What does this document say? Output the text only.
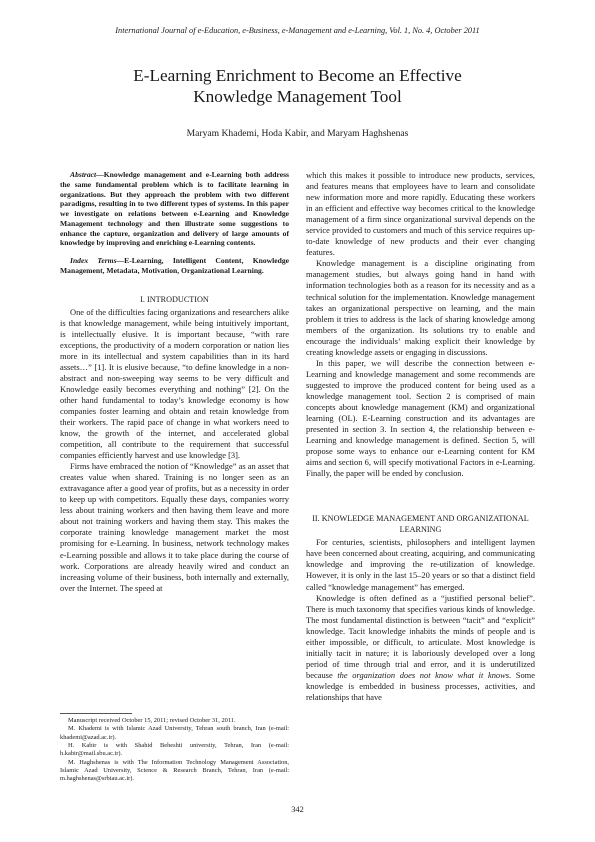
International Journal of e-Education, e-Business, e-Management and e-Learning, Vol. 1, No. 4, October 2011
E-Learning Enrichment to Become an Effective
Knowledge Management Tool
Maryam Khademi, Hoda Kabir, and Maryam Haghshenas

Abstract—Knowledge management and e-Learning both address the same fundamental problem which is to facilitate learning in organizations. But they approach the problem with two different paradigms, resulting in to two different types of systems. In this paper we investigate on relations between e-Learning and Knowledge Management technology and then illustrate some suggestions to enhance the capture, organization and delivery of large amounts of knowledge by improving and enriching e-Learning contents.

Index Terms—E-Learning, Intelligent Content, Knowledge Management, Metadata, Motivation, Organizational Learning.

I. INTRODUCTION

One of the difficulties facing organizations and researchers alike is that knowledge management, while being intuitively important, is intellectually elusive. It is important because, “with rare exceptions, the productivity of a modern corporation or nation lies more in its intellectual and system capabilities than in its hard assets…” [1]. It is elusive because, “to define knowledge in a non-abstract and non-sweeping way seems to be very difficult and Knowledge easily becomes everything and nothing” [2]. On the other hand fundamental to today’s knowledge economy is how companies foster learning and obtain and retain knowledge from their workers. The rapid pace of change in what workers need to know, the growth of the internet, and accelerated global competition, all contribute to the requirement that successful companies efficiently harvest and use knowledge [3].

Firms have embraced the notion of “Knowledge” as an asset that creates value when shared. Training is no longer seen as an extravagance after a good year of profits, but as a necessity in order to keep up with competitors. Equally these days, companies worry less about training workers and then having them leave and more about not training workers and having them stay. This makes the corporate training knowledge management market the most promising for e-Learning. In business, network technology makes e-Learning possible and allows it to take place during the course of work. Corporations are already heavily wired and conduct an increasing volume of their business, both internally and externally, over the Internet. The speed at

which this makes it possible to introduce new products, services, and features means that employees have to learn and consolidate new information more and more rapidly. Educating these workers in an efficient and effective way becomes critical to the knowledge management of a firm since organizational survival depends on the service provided to customers and much of this service requires up-to-date knowledge of new products and their ever changing features.

Knowledge management is a discipline originating from management studies, but always going hand in hand with information technologies both as a reason for its necessity and as a technical solution for the implementation. Knowledge management takes an organizational perspective on learning, and the main problem it tries to address is the lack of sharing knowledge among members of the organization. Its solutions try to enable and encourage the individuals’ making explicit their knowledge by creating knowledge assets or engaging in discussions.

In this paper, we will describe the connection between e-Learning and knowledge management and some recommends are suggested to improve the produced content for being used as a knowledge management tool. Section 2 is comprised of main concepts about knowledge management (KM) and organizational learning (OL). E-Learning construction and its advantages are presented in section 3. In section 4, the relationship between e-Learning and knowledge management is defined. Section 5, will propose some ways to enhance our e-Learning content for KM aims and section 6, will specify motivational Factors in e-Learning. Finally, the paper will be ended by conclusion.

II. KNOWLEDGE MANAGEMENT AND ORGANIZATIONAL
LEARNING

For centuries, scientists, philosophers and intelligent laymen have been concerned about creating, acquiring, and communicating knowledge and improving the re-utilization of knowledge. However, it is only in the last 15–20 years or so that a distinct field called “knowledge management” has emerged.

Knowledge is often defined as a “justified personal belief”. There is much taxonomy that specifies various kinds of knowledge. The most fundamental distinction is between “tacit” and “explicit” knowledge. Tacit knowledge inhabits the minds of people and is either impossible, or difficult, to articulate. Most knowledge is initially tacit in nature; it is laboriously developed over a long period of time through trial and error, and it is underutilized because the organization does not know what it knows. Some knowledge is embedded in business processes, activities, and relationships that have

Manuscript received October 15, 2011; revised October 31, 2011.

M. Khademi is with Islamic Azad University, Tehran south branch, Iran (e-mail: khademi@azad.ac.ir).

H. Kabir is with Shahid Beheshti university, Tehran, Iran (e-mail: h.kabir@mail.sbu.ac.ir).

M. Haghshenas is with The Information Technology Management Association, Islamic Azad University, Science & Research Branch, Tehran, Iran (e-mail: m.haghshenas@srbiau.ac.ir).

342
